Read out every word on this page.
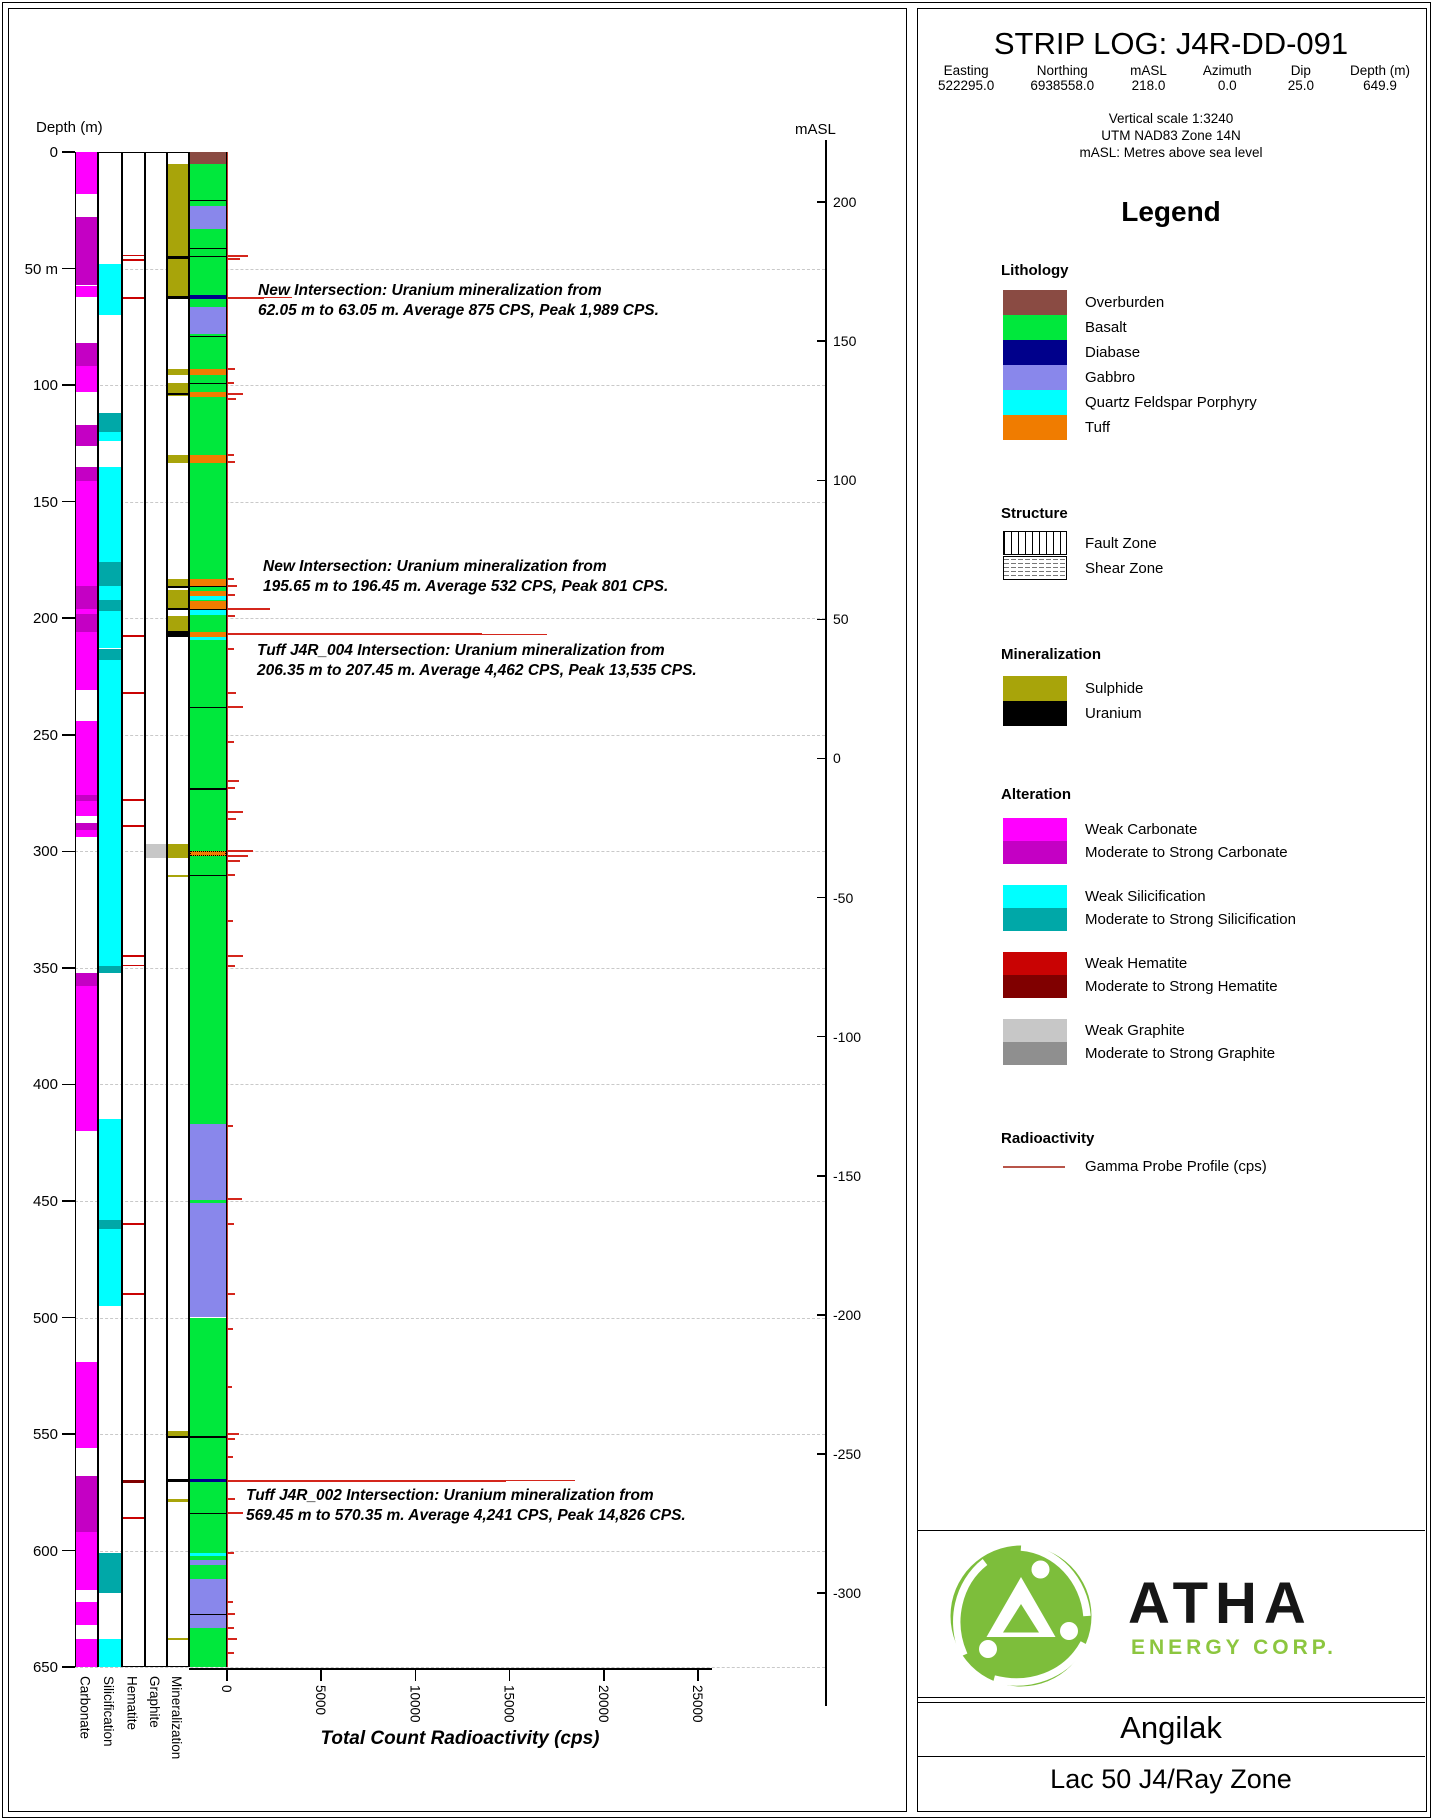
Depth (m)	mASL
Total Count Radioactivity (cps)
0
50 m
100
150
200
250
300
350
400
450
500
550
600
650
200
150
100
50
0
-50
-100
-150
-200
-250
-300
Carbonate Silicification Hematite Graphite Mineralization	0	5000	10000	15000	20000	25000
New Intersection: Uranium mineralization from
62.05 m to 63.05 m. Average 875 CPS, Peak 1,989 CPS.
New Intersection: Uranium mineralization from
195.65 m to 196.45 m. Average 532 CPS, Peak 801 CPS.
Tuff J4R_004 Intersection: Uranium mineralization from
206.35 m to 207.45 m. Average 4,462 CPS, Peak 13,535 CPS.
Tuff J4R_002 Intersection: Uranium mineralization from
569.45 m to 570.35 m. Average 4,241 CPS, Peak 14,826 CPS.
STRIP LOG: J4R-DD-091
Easting
522295.0
Northing
6938558.0
mASL
218.0
Azimuth
0.0
Dip
25.0
Depth (m)
649.9
Vertical scale 1:3240
UTM NAD83 Zone 14N
mASL: Metres above sea level
Legend
Lithology
Overburden
Basalt
Diabase
Gabbro
Quartz Feldspar Porphyry
Tuff
Structure
Fault Zone
Shear Zone
Mineralization
Sulphide
Uranium
Alteration
Weak Carbonate
Moderate to Strong Carbonate
Weak Silicification
Moderate to Strong Silicification
Weak Hematite
Moderate to Strong Hematite
Weak Graphite
Moderate to Strong Graphite
Radioactivity
Gamma Probe Profile (cps)
ATHA
ENERGY CORP.
Angilak
Lac 50 J4/Ray Zone
